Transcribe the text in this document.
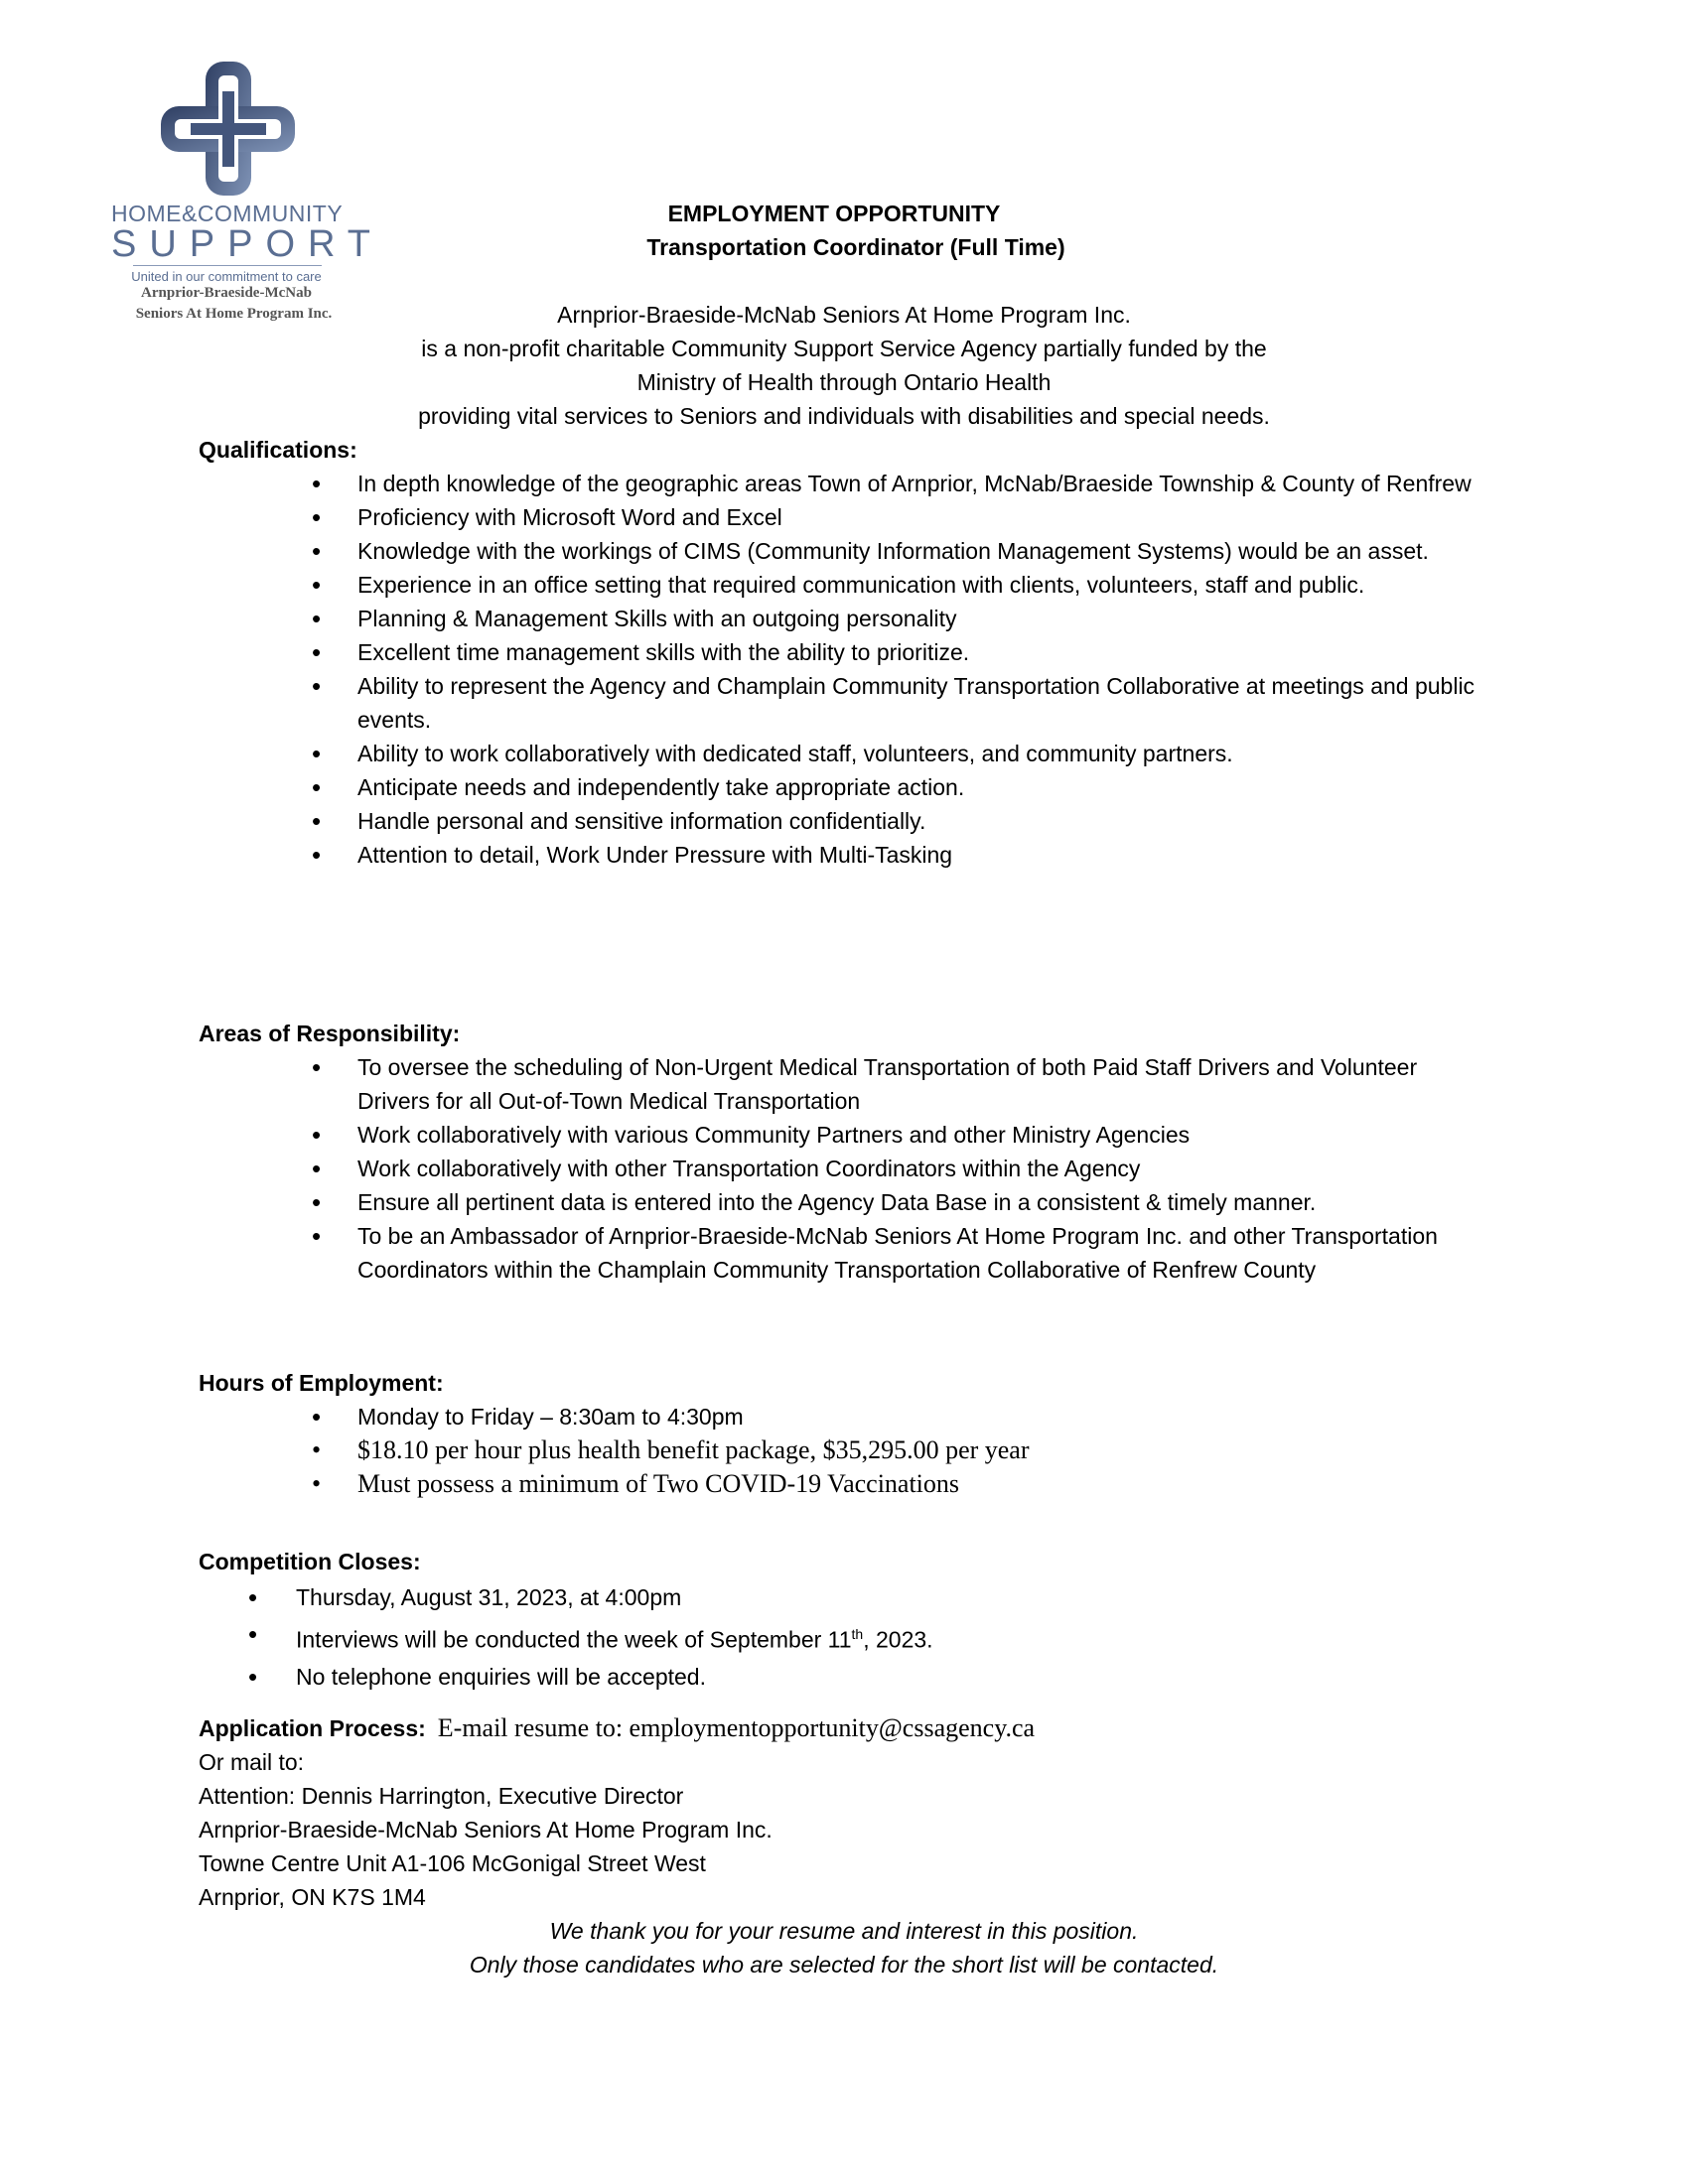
HOME&COMMUNITY
SUPPORT
United in our commitment to care
Arnprior-Braeside-McNab
Seniors At Home Program Inc.
EMPLOYMENT OPPORTUNITY
Transportation Coordinator (Full Time)
Arnprior-Braeside-McNab Seniors At Home Program Inc.
is a non-profit charitable Community Support Service Agency partially funded by the
Ministry of Health through Ontario Health
providing vital services to Seniors and individuals with disabilities and special needs.
Qualifications:
• In depth knowledge of the geographic areas Town of Arnprior, McNab/Braeside Township & County of Renfrew
• Proficiency with Microsoft Word and Excel
• Knowledge with the workings of CIMS (Community Information Management Systems) would be an asset.
• Experience in an office setting that required communication with clients, volunteers, staff and public.
• Planning & Management Skills with an outgoing personality
• Excellent time management skills with the ability to prioritize.
• Ability to represent the Agency and Champlain Community Transportation Collaborative at meetings and public events.
• Ability to work collaboratively with dedicated staff, volunteers, and community partners.
• Anticipate needs and independently take appropriate action.
• Handle personal and sensitive information confidentially.
• Attention to detail, Work Under Pressure with Multi-Tasking
Areas of Responsibility:
• To oversee the scheduling of Non-Urgent Medical Transportation of both Paid Staff Drivers and Volunteer Drivers for all Out-of-Town Medical Transportation
• Work collaboratively with various Community Partners and other Ministry Agencies
• Work collaboratively with other Transportation Coordinators within the Agency
• Ensure all pertinent data is entered into the Agency Data Base in a consistent & timely manner.
• To be an Ambassador of Arnprior-Braeside-McNab Seniors At Home Program Inc. and other Transportation Coordinators within the Champlain Community Transportation Collaborative of Renfrew County
Hours of Employment:
• Monday to Friday – 8:30am to 4:30pm
• $18.10 per hour plus health benefit package, $35,295.00 per year
• Must possess a minimum of Two COVID-19 Vaccinations
Competition Closes:
• Thursday, August 31, 2023, at 4:00pm
• Interviews will be conducted the week of September 11th, 2023.
• No telephone enquiries will be accepted.
Application Process: E-mail resume to: employmentopportunity@cssagency.ca
Or mail to:
Attention: Dennis Harrington, Executive Director
Arnprior-Braeside-McNab Seniors At Home Program Inc.
Towne Centre Unit A1-106 McGonigal Street West
Arnprior, ON K7S 1M4
We thank you for your resume and interest in this position.
Only those candidates who are selected for the short list will be contacted.
